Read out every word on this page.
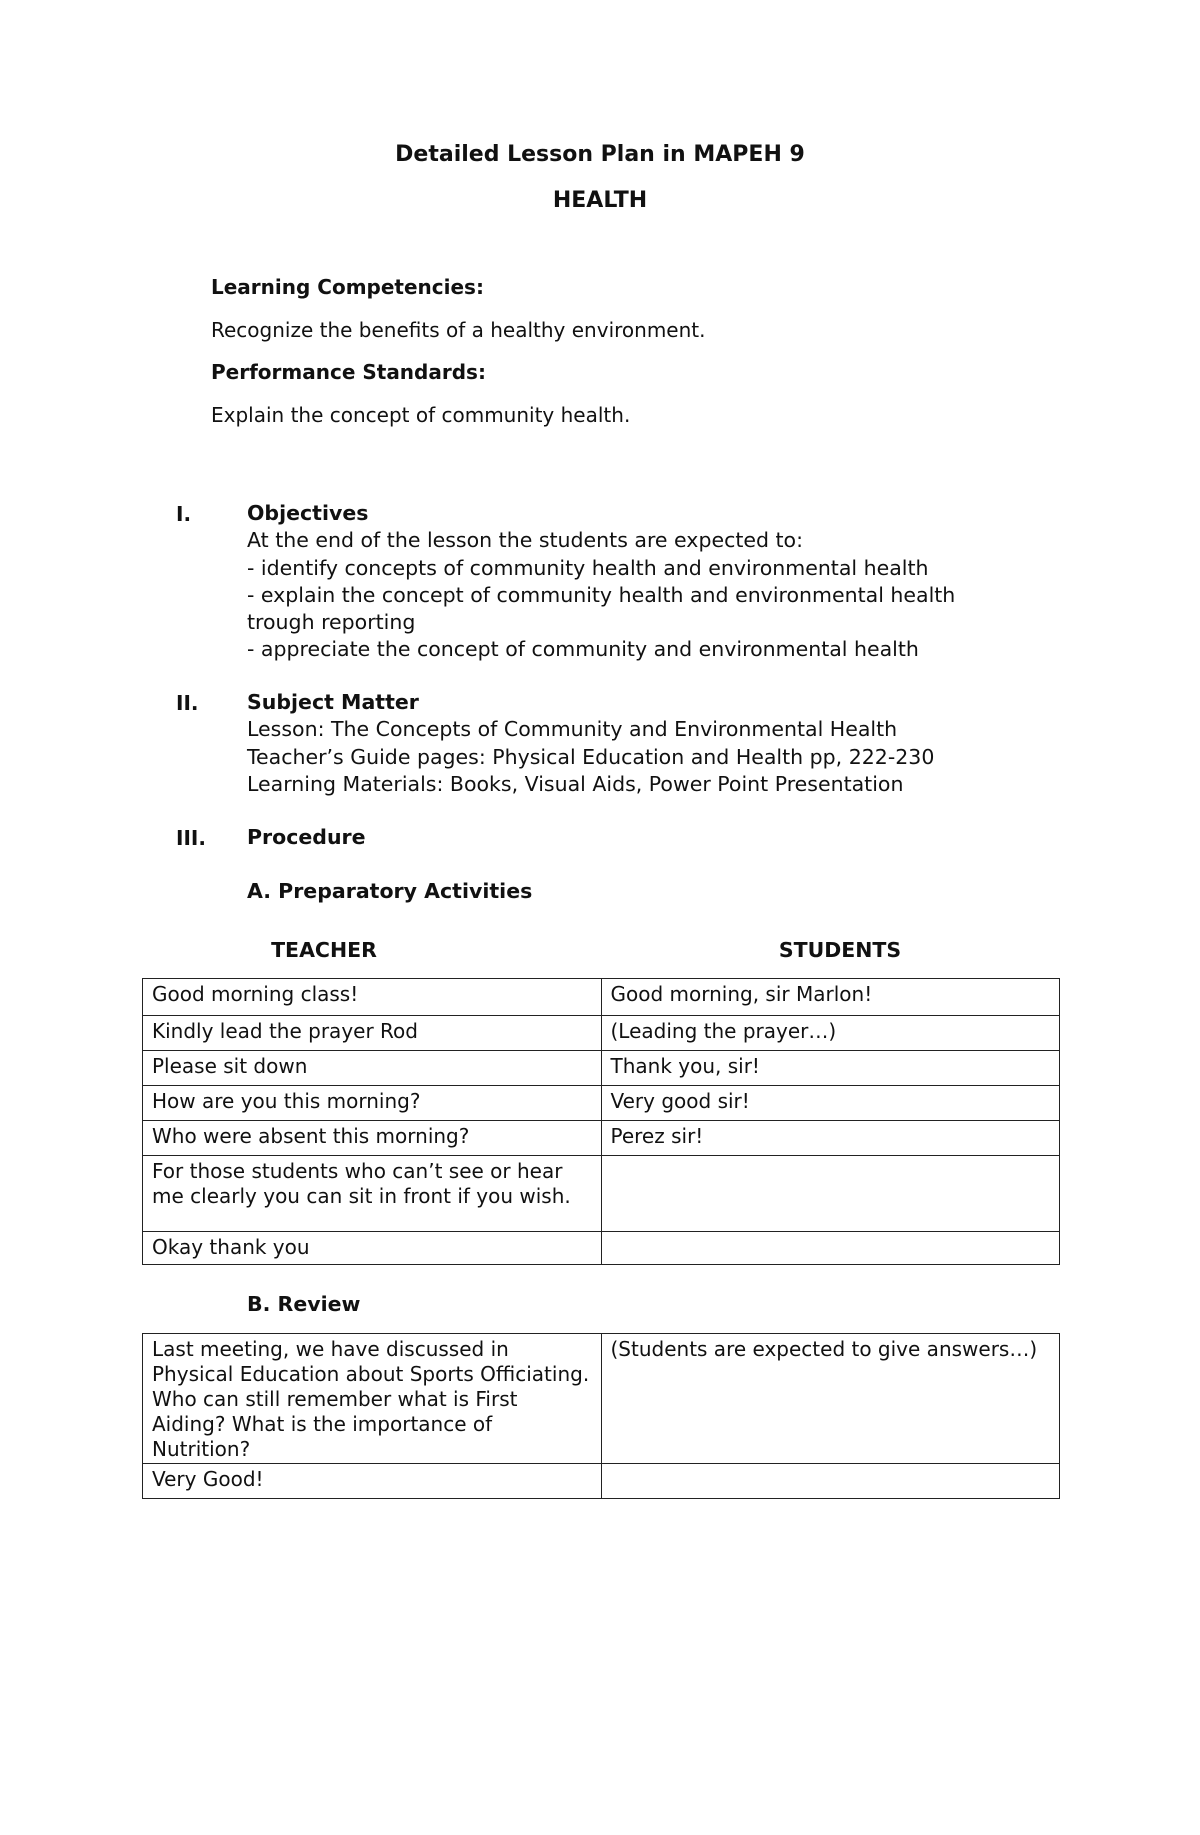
Detailed Lesson Plan in MAPEH 9
HEALTH
Learning Competencies:
Recognize the benefits of a healthy environment.
Performance Standards:
Explain the concept of community health.
I.	Objectives
At the end of the lesson the students are expected to:
- identify concepts of community health and environmental health
- explain the concept of community health and environmental health
trough reporting
- appreciate the concept of community and environmental health
II. Subject Matter
Lesson: The Concepts of Community and Environmental Health
Teacher’s Guide pages: Physical Education and Health pp, 222-230
Learning Materials: Books, Visual Aids, Power Point Presentation
III. Procedure
A. Preparatory Activities
TEACHER	STUDENTS
Good morning class!	Good morning, sir Marlon!
Kindly lead the prayer Rod	(Leading the prayer…)
Please sit down	Thank you, sir!
How are you this morning?	Very good sir!
Who were absent this morning?	Perez sir!
For those students who can’t see or hear me clearly you can sit in front if you wish.	
Okay thank you	
B. Review
Last meeting, we have discussed in Physical Education about Sports Officiating. Who can still remember what is First Aiding? What is the importance of Nutrition?	(Students are expected to give answers…)
Very Good!	
